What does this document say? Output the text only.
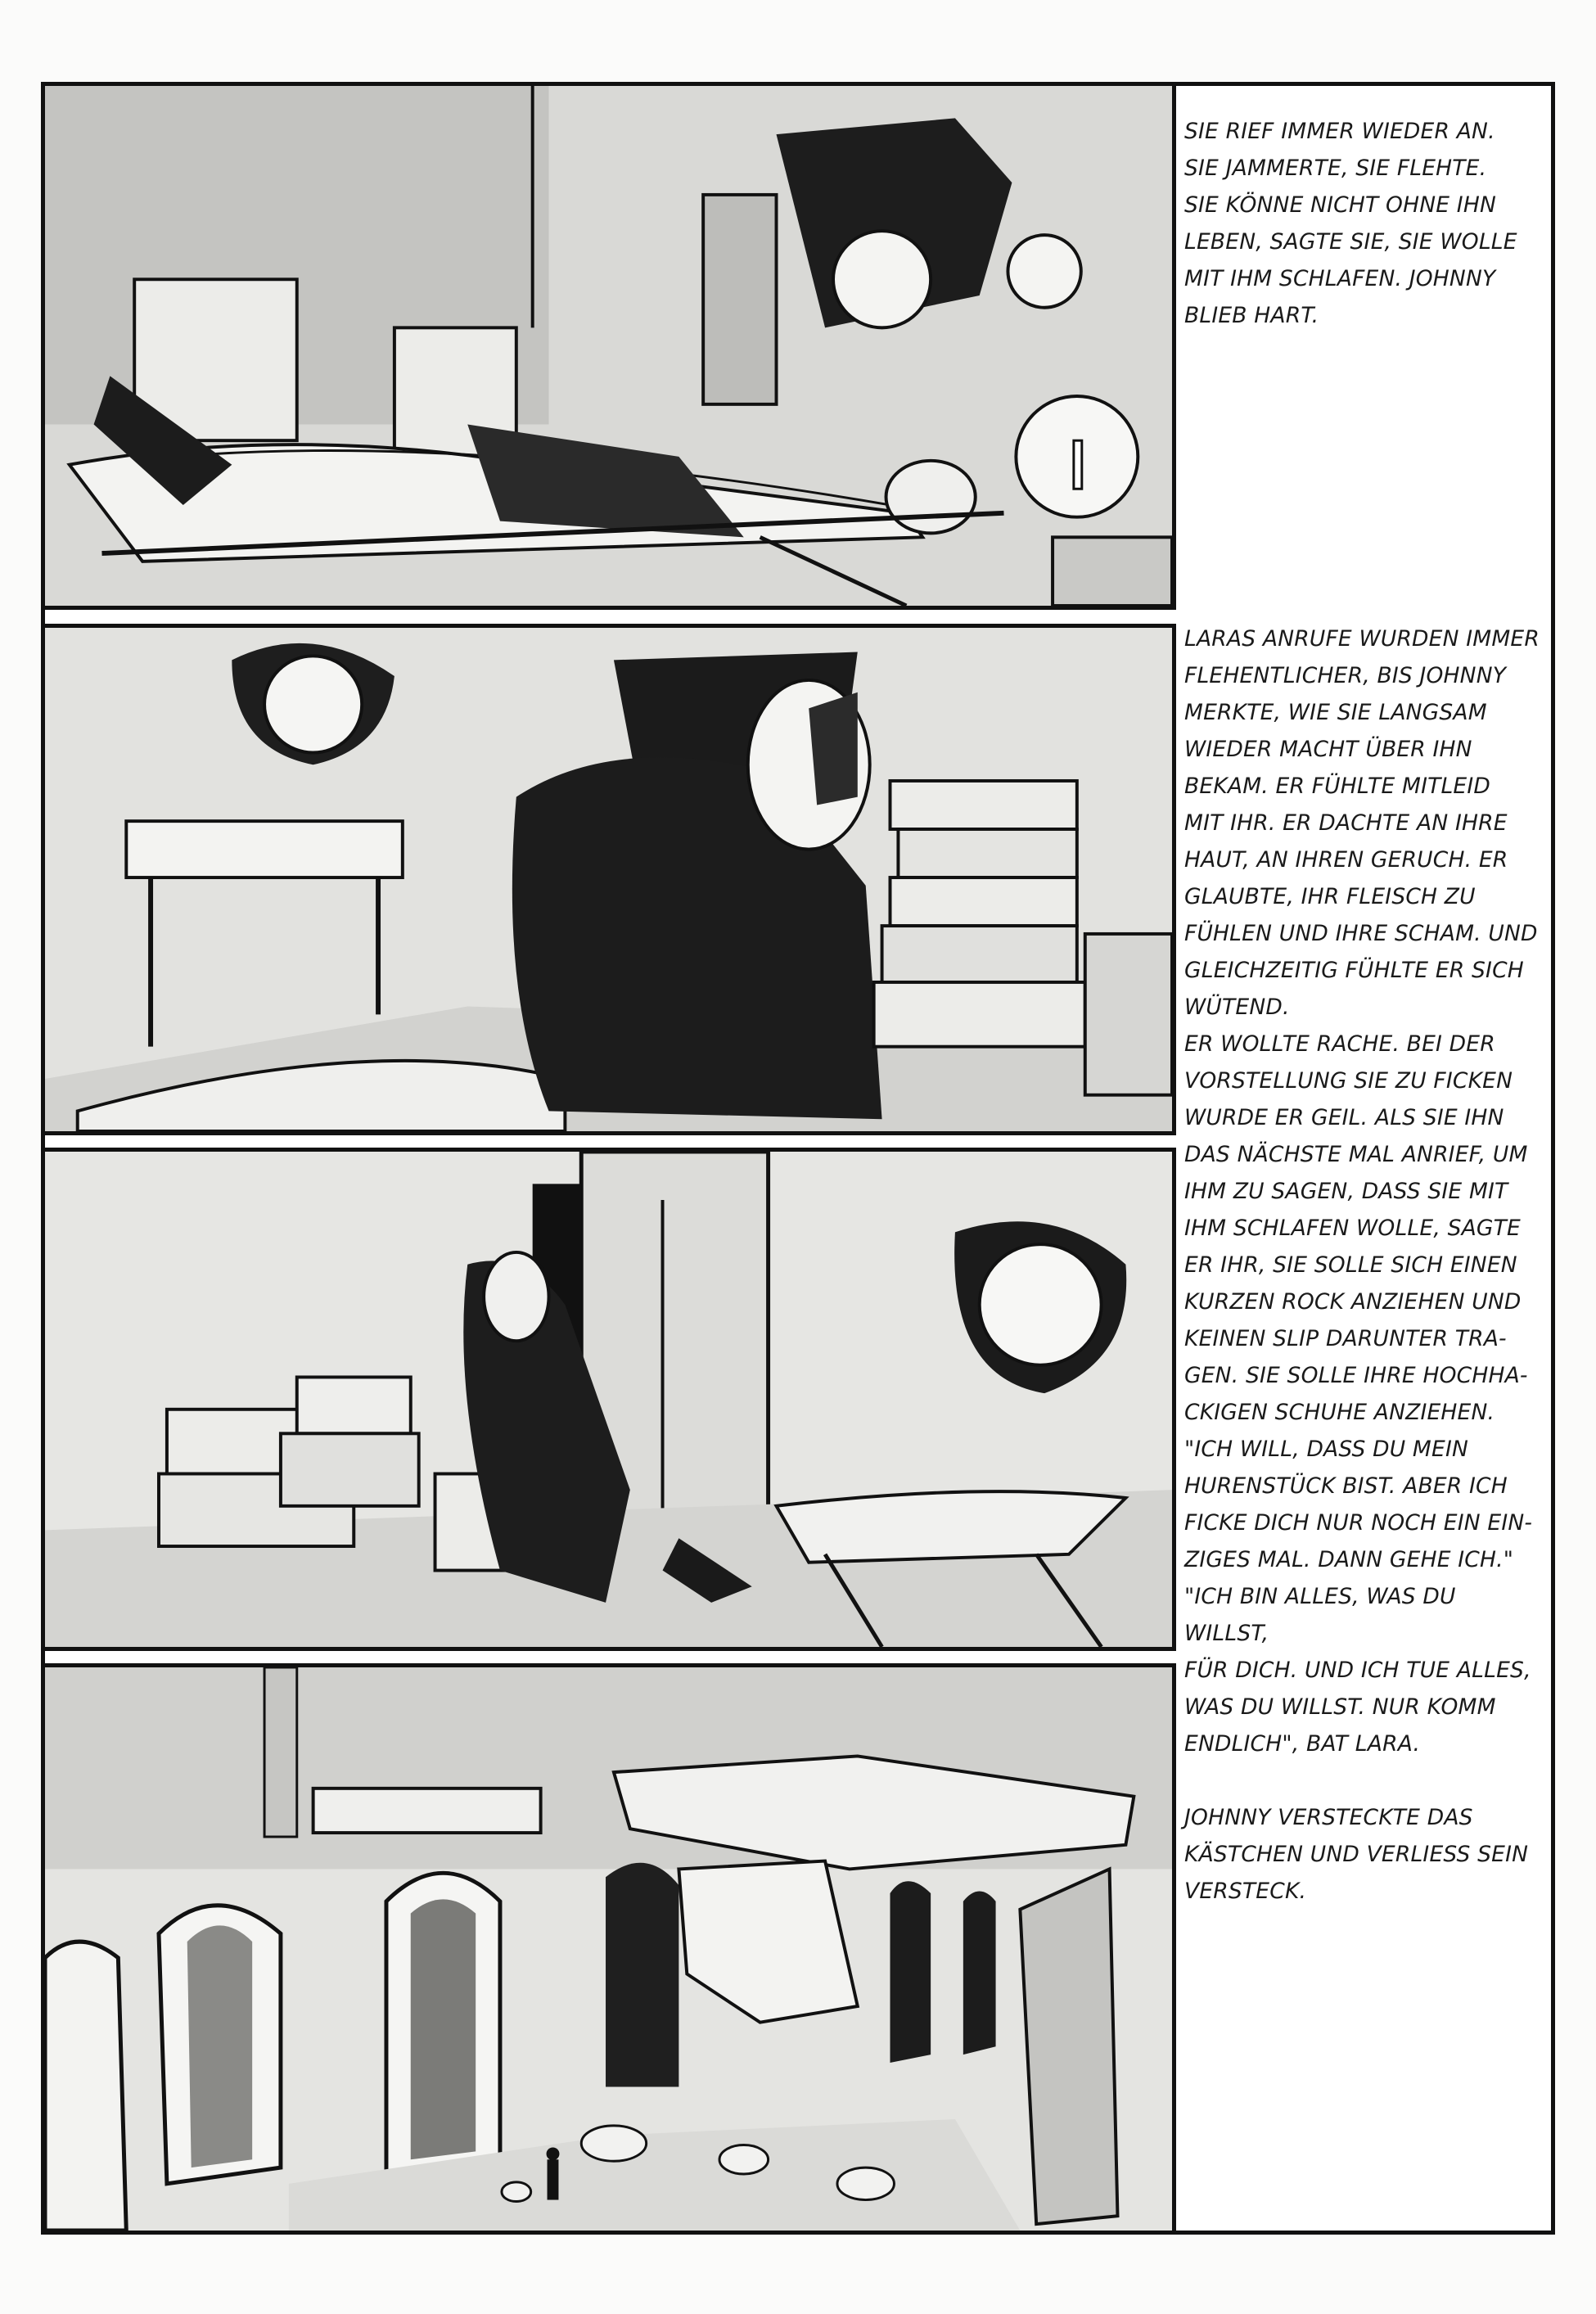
SIE RIEF IMMER WIEDER AN.

SIE JAMMERTE, SIE FLEHTE.

SIE KÖNNE NICHT OHNE IHN

LEBEN, SAGTE SIE, SIE WOLLE

MIT IHM SCHLAFEN. JOHNNY

BLIEB HART.

LARAS ANRUFE WURDEN IMMER

FLEHENTLICHER, BIS JOHNNY

MERKTE, WIE SIE LANGSAM

WIEDER MACHT ÜBER IHN

BEKAM. ER FÜHLTE MITLEID

MIT IHR. ER DACHTE AN IHRE

HAUT, AN IHREN GERUCH. ER

GLAUBTE, IHR FLEISCH ZU

FÜHLEN UND IHRE SCHAM. UND

GLEICHZEITIG FÜHLTE ER SICH

WÜTEND.

ER WOLLTE RACHE. BEI DER

VORSTELLUNG SIE ZU FICKEN

WURDE ER GEIL. ALS SIE IHN

DAS NÄCHSTE MAL ANRIEF, UM

IHM ZU SAGEN, DASS SIE MIT

IHM SCHLAFEN WOLLE, SAGTE

ER IHR, SIE SOLLE SICH EINEN

KURZEN ROCK ANZIEHEN UND

KEINEN SLIP DARUNTER TRA-

GEN. SIE SOLLE IHRE HOCHHA-

CKIGEN SCHUHE ANZIEHEN.

"ICH WILL, DASS DU MEIN

HURENSTÜCK BIST. ABER ICH

FICKE DICH NUR NOCH EIN EIN-

ZIGES MAL. DANN GEHE ICH."

"ICH BIN ALLES, WAS DU WILLST,

FÜR DICH. UND ICH TUE ALLES,

WAS DU WILLST. NUR KOMM

ENDLICH", BAT LARA.

JOHNNY VERSTECKTE DAS

KÄSTCHEN UND VERLIESS SEIN

VERSTECK.
